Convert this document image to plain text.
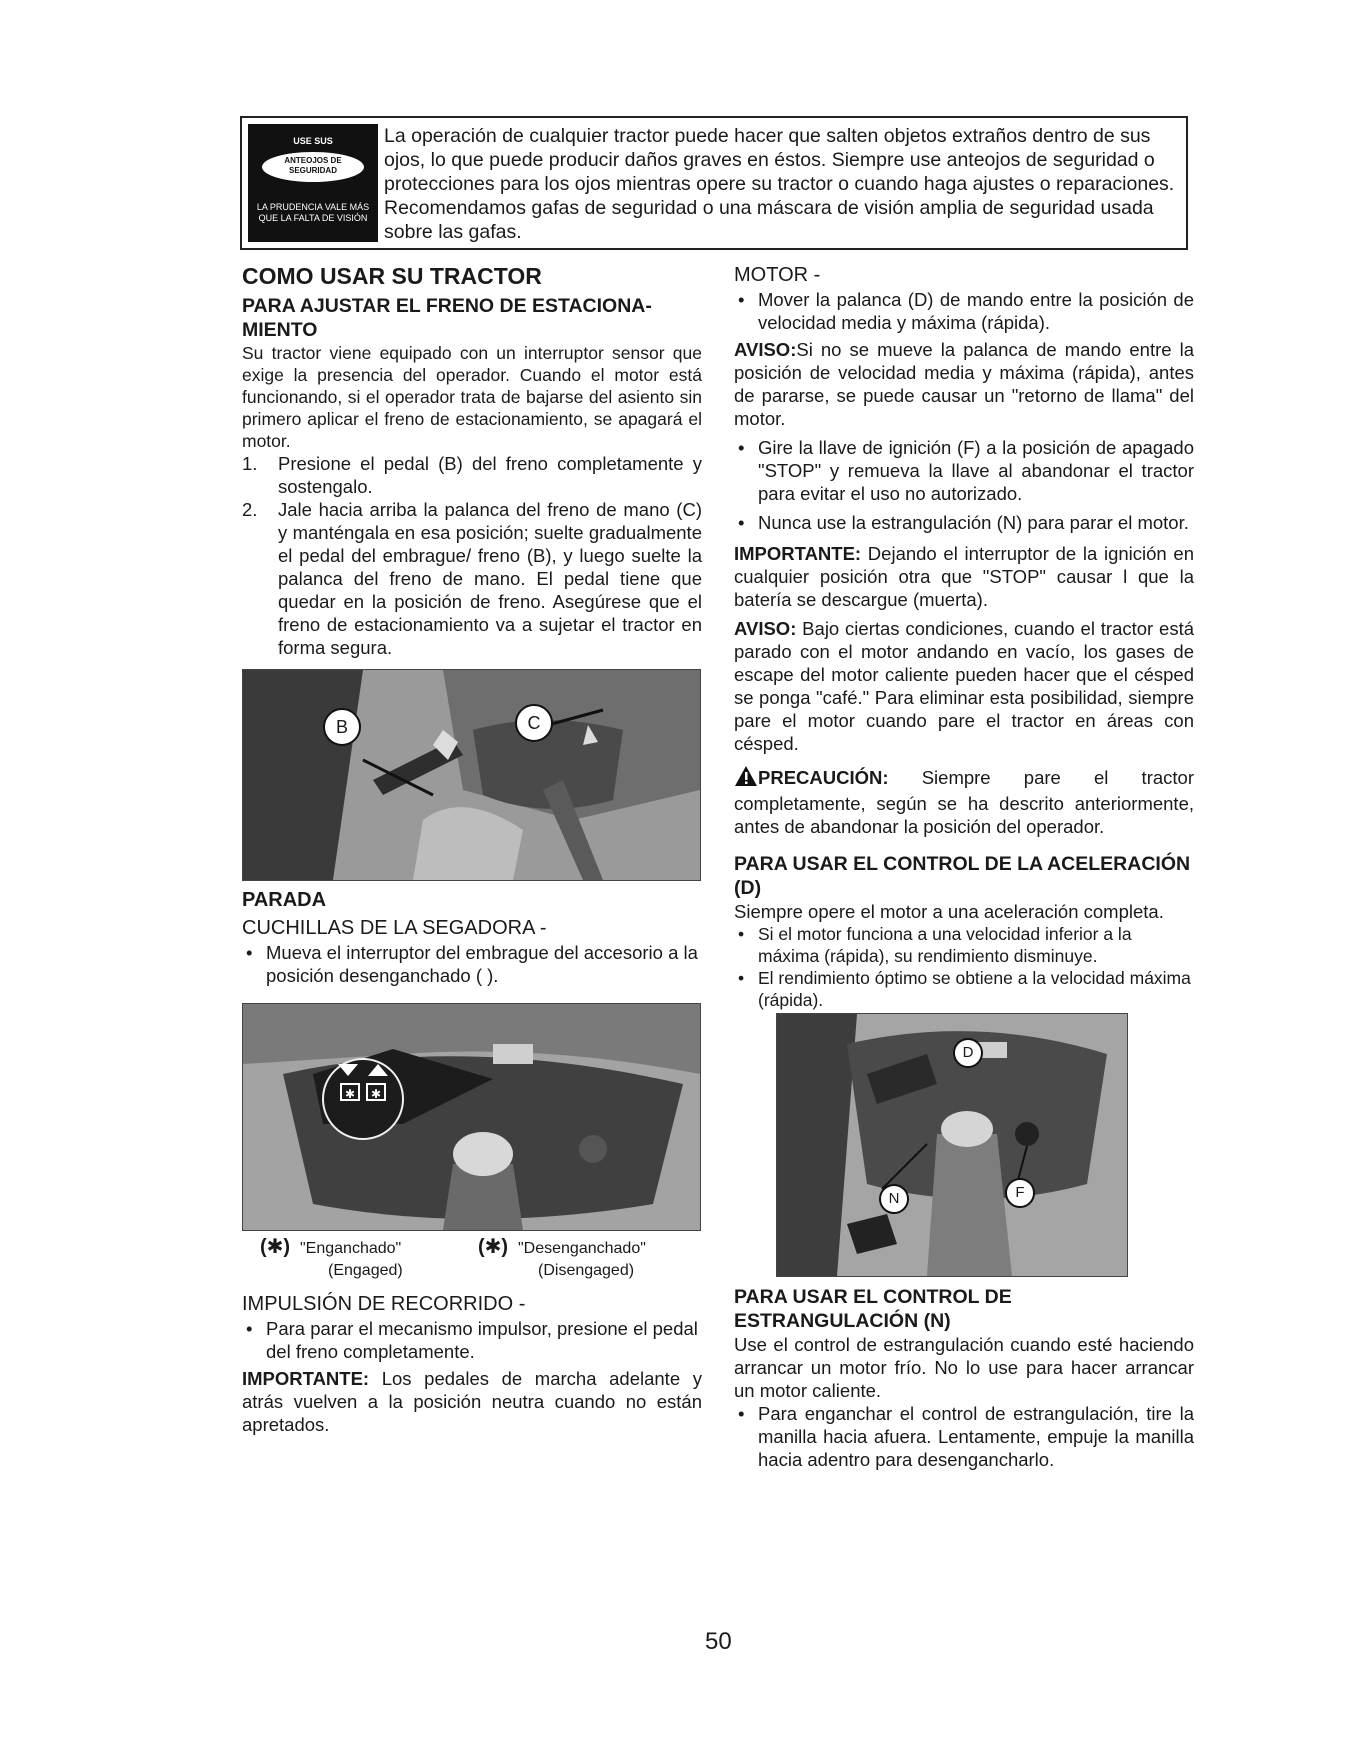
USE SUS
ANTEOJOS DE SEGURIDAD
LA PRUDENCIA VALE MÁS QUE LA FALTA DE VISIÓN
La operación de cualquier tractor puede hacer que salten objetos extraños dentro de sus ojos, lo que puede producir daños graves en éstos. Siempre use anteojos de seguridad o protecciones para los ojos mientras opere su tractor o cuando haga ajustes o reparaciones. Recomendamos gafas de seguridad o una máscara de visión amplia de seguridad usada sobre las gafas.
COMO USAR SU TRACTOR
PARA AJUSTAR EL FRENO DE ESTACIONA-MIENTO

Su tractor viene equipado con un interruptor sensor que exige la presencia del operador. Cuando el motor está funcionando, si el operador trata de bajarse del asiento sin primero aplicar el freno de estacionamiento, se apagará el motor.

1. Presione el pedal (B) del freno completamente y sostengalo.
2. Jale hacia arriba la palanca del freno de mano (C) y manténgala en esa posición; suelte gradualmente el pedal del embrague/ freno (B), y luego suelte la palanca del freno de mano. El pedal tiene que quedar en la posición de freno. Asegúrese que el freno de estacionamiento va a sujetar el tractor en forma segura.
B	C
PARADA
CUCHILLAS DE LA SEGADORA -
• Mueva el interruptor del embrague del accesorio a la posición desenganchado ( ).
✱ ✱
(✱) "Enganchado"
(Engaged)
(✱) "Desenganchado"
(Disengaged)
IMPULSIÓN DE RECORRIDO -
• Para parar el mecanismo impulsor, presione el pedal del freno completamente.

IMPORTANTE: Los pedales de marcha adelante y atrás vuelven a la posición neutra cuando no están apretados.

MOTOR -
• Mover la palanca (D) de mando entre la posición de velocidad media y máxima (rápida).

AVISO:Si no se mueve la palanca de mando entre la posición de velocidad media y máxima (rápida), antes de pararse, se puede causar un "retorno de llama" del motor.

• Gire la llave de ignición (F) a la posición de apagado "STOP" y remueva la llave al abandonar el tractor para evitar el uso no autorizado.
• Nunca use la estrangulación (N) para parar el motor.

IMPORTANTE: Dejando el interruptor de la ignición en cualquier posición otra que "STOP" causar l que la batería se descargue (muerta).

AVISO: Bajo ciertas condiciones, cuando el tractor está parado con el motor andando en vacío, los gases de escape del motor caliente pueden hacer que el césped se ponga "café." Para eliminar esta posibilidad, siempre pare el motor cuando pare el tractor en áreas con césped.

PRECAUCIÓN: Siempre pare el tractor completamente, según se ha descrito anteriormente, antes de abandonar la posición del operador.

PARA USAR EL CONTROL DE LA ACELERACIÓN (D)

Siempre opere el motor a una aceleración completa.

• Si el motor funciona a una velocidad inferior a la máxima (rápida), su rendimiento disminuye.
• El rendimiento óptimo se obtiene a la velocidad máxima (rápida).
D
N	F
PARA USAR EL CONTROL DE ESTRANGULACIÓN (N)

Use el control de estrangulación cuando esté haciendo arrancar un motor frío. No lo use para hacer arrancar un motor caliente.

• Para enganchar el control de estrangulación, tire la manilla hacia afuera. Lentamente, empuje la manilla hacia adentro para desengancharlo.
50
